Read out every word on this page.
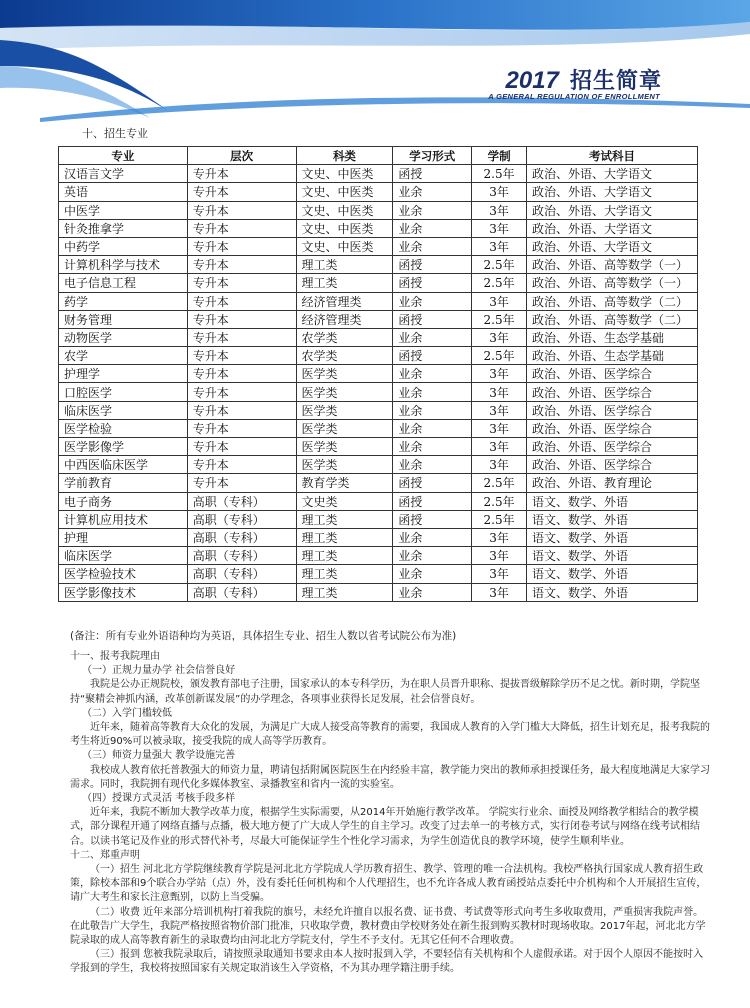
2017 招生简章
A GENERAL REGULATION OF ENROLLMENT
十、招生专业
专业	层次	科类	学习形式	学制	考试科目
汉语言文学	专升本	文史、中医类	函授	2.5年	政治、外语、大学语文
英语	专升本	文史、中医类	业余	3年	政治、外语、大学语文
中医学	专升本	文史、中医类	业余	3年	政治、外语、大学语文
针灸推拿学	专升本	文史、中医类	业余	3年	政治、外语、大学语文
中药学	专升本	文史、中医类	业余	3年	政治、外语、大学语文
计算机科学与技术	专升本	理工类	函授	2.5年	政治、外语、高等数学（一）
电子信息工程	专升本	理工类	函授	2.5年	政治、外语、高等数学（一）
药学	专升本	经济管理类	业余	3年	政治、外语、高等数学（二）
财务管理	专升本	经济管理类	函授	2.5年	政治、外语、高等数学（二）
动物医学	专升本	农学类	业余	3年	政治、外语、生态学基础
农学	专升本	农学类	函授	2.5年	政治、外语、生态学基础
护理学	专升本	医学类	业余	3年	政治、外语、医学综合
口腔医学	专升本	医学类	业余	3年	政治、外语、医学综合
临床医学	专升本	医学类	业余	3年	政治、外语、医学综合
医学检验	专升本	医学类	业余	3年	政治、外语、医学综合
医学影像学	专升本	医学类	业余	3年	政治、外语、医学综合
中西医临床医学	专升本	医学类	业余	3年	政治、外语、医学综合
学前教育	专升本	教育学类	函授	2.5年	政治、外语、教育理论
电子商务	高职（专科）	文史类	函授	2.5年	语文、数学、外语
计算机应用技术	高职（专科）	理工类	函授	2.5年	语文、数学、外语
护理	高职（专科）	理工类	业余	3年	语文、数学、外语
临床医学	高职（专科）	理工类	业余	3年	语文、数学、外语
医学检验技术	高职（专科）	理工类	业余	3年	语文、数学、外语
医学影像技术	高职（专科）	理工类	业余	3年	语文、数学、外语
(备注：所有专业外语语种均为英语，具体招生专业、招生人数以省考试院公布为准)

十一、报考我院理由

（一）正规力量办学 社会信誉良好

我院是公办正规院校，颁发教育部电子注册，国家承认的本专科学历，为在职人员晋升职称、提拔晋级解除学历不足之忧。新时期，学院坚持“聚精会神抓内涵，改革创新谋发展”的办学理念，各项事业获得长足发展，社会信誉良好。

（二）入学门槛较低

近年来，随着高等教育大众化的发展，为满足广大成人接受高等教育的需要，我国成人教育的入学门槛大大降低，招生计划充足，报考我院的考生将近90%可以被录取，接受我院的成人高等学历教育。

（三）师资力量强大 教学设施完善

我校成人教育依托普教强大的师资力量，聘请包括附属医院医生在内经验丰富，教学能力突出的教师承担授课任务，最大程度地满足大家学习需求。同时，我院拥有现代化多媒体教室、录播教室和省内一流的实验室。

（四）授课方式灵活 考核手段多样

近年来，我院不断加大教学改革力度，根据学生实际需要，从2014年开始施行教学改革。 学院实行业余、面授及网络教学相结合的教学模式，部分课程开通了网络直播与点播，极大地方便了广大成人学生的自主学习。改变了过去单一的考核方式，实行闭卷考试与网络在线考试相结合。以读书笔记及作业的形式替代补考，尽最大可能保证学生个性化学习需求，为学生创造优良的教学环境，使学生顺利毕业。

十二、郑重声明

（一）招生 河北北方学院继续教育学院是河北北方学院成人学历教育招生、教学、管理的唯一合法机构。我校严格执行国家成人教育招生政策，除校本部和9个联合办学站（点）外，没有委托任何机构和个人代理招生，也不允许各成人教育函授站点委托中介机构和个人开展招生宣传，请广大考生和家长注意甄别，以防上当受骗。

（二）收费 近年来部分培训机构打着我院的旗号，未经允许擅自以报名费、证书费、考试费等形式向考生多收取费用，严重损害我院声誉。在此敬告广大学生，我院严格按照省物价部门批准，只收取学费，教材费由学校财务处在新生报到购买教材时现场收取。2017年起，河北北方学院录取的成人高等教育新生的录取费均由河北北方学院支付，学生不予支付。无其它任何不合理收费。

（三）报到 您被我院录取后，请按照录取通知书要求由本人按时报到入学，不要轻信有关机构和个人虚假承诺。对于因个人原因不能按时入学报到的学生，我校将按照国家有关规定取消该生入学资格，不为其办理学籍注册手续。
